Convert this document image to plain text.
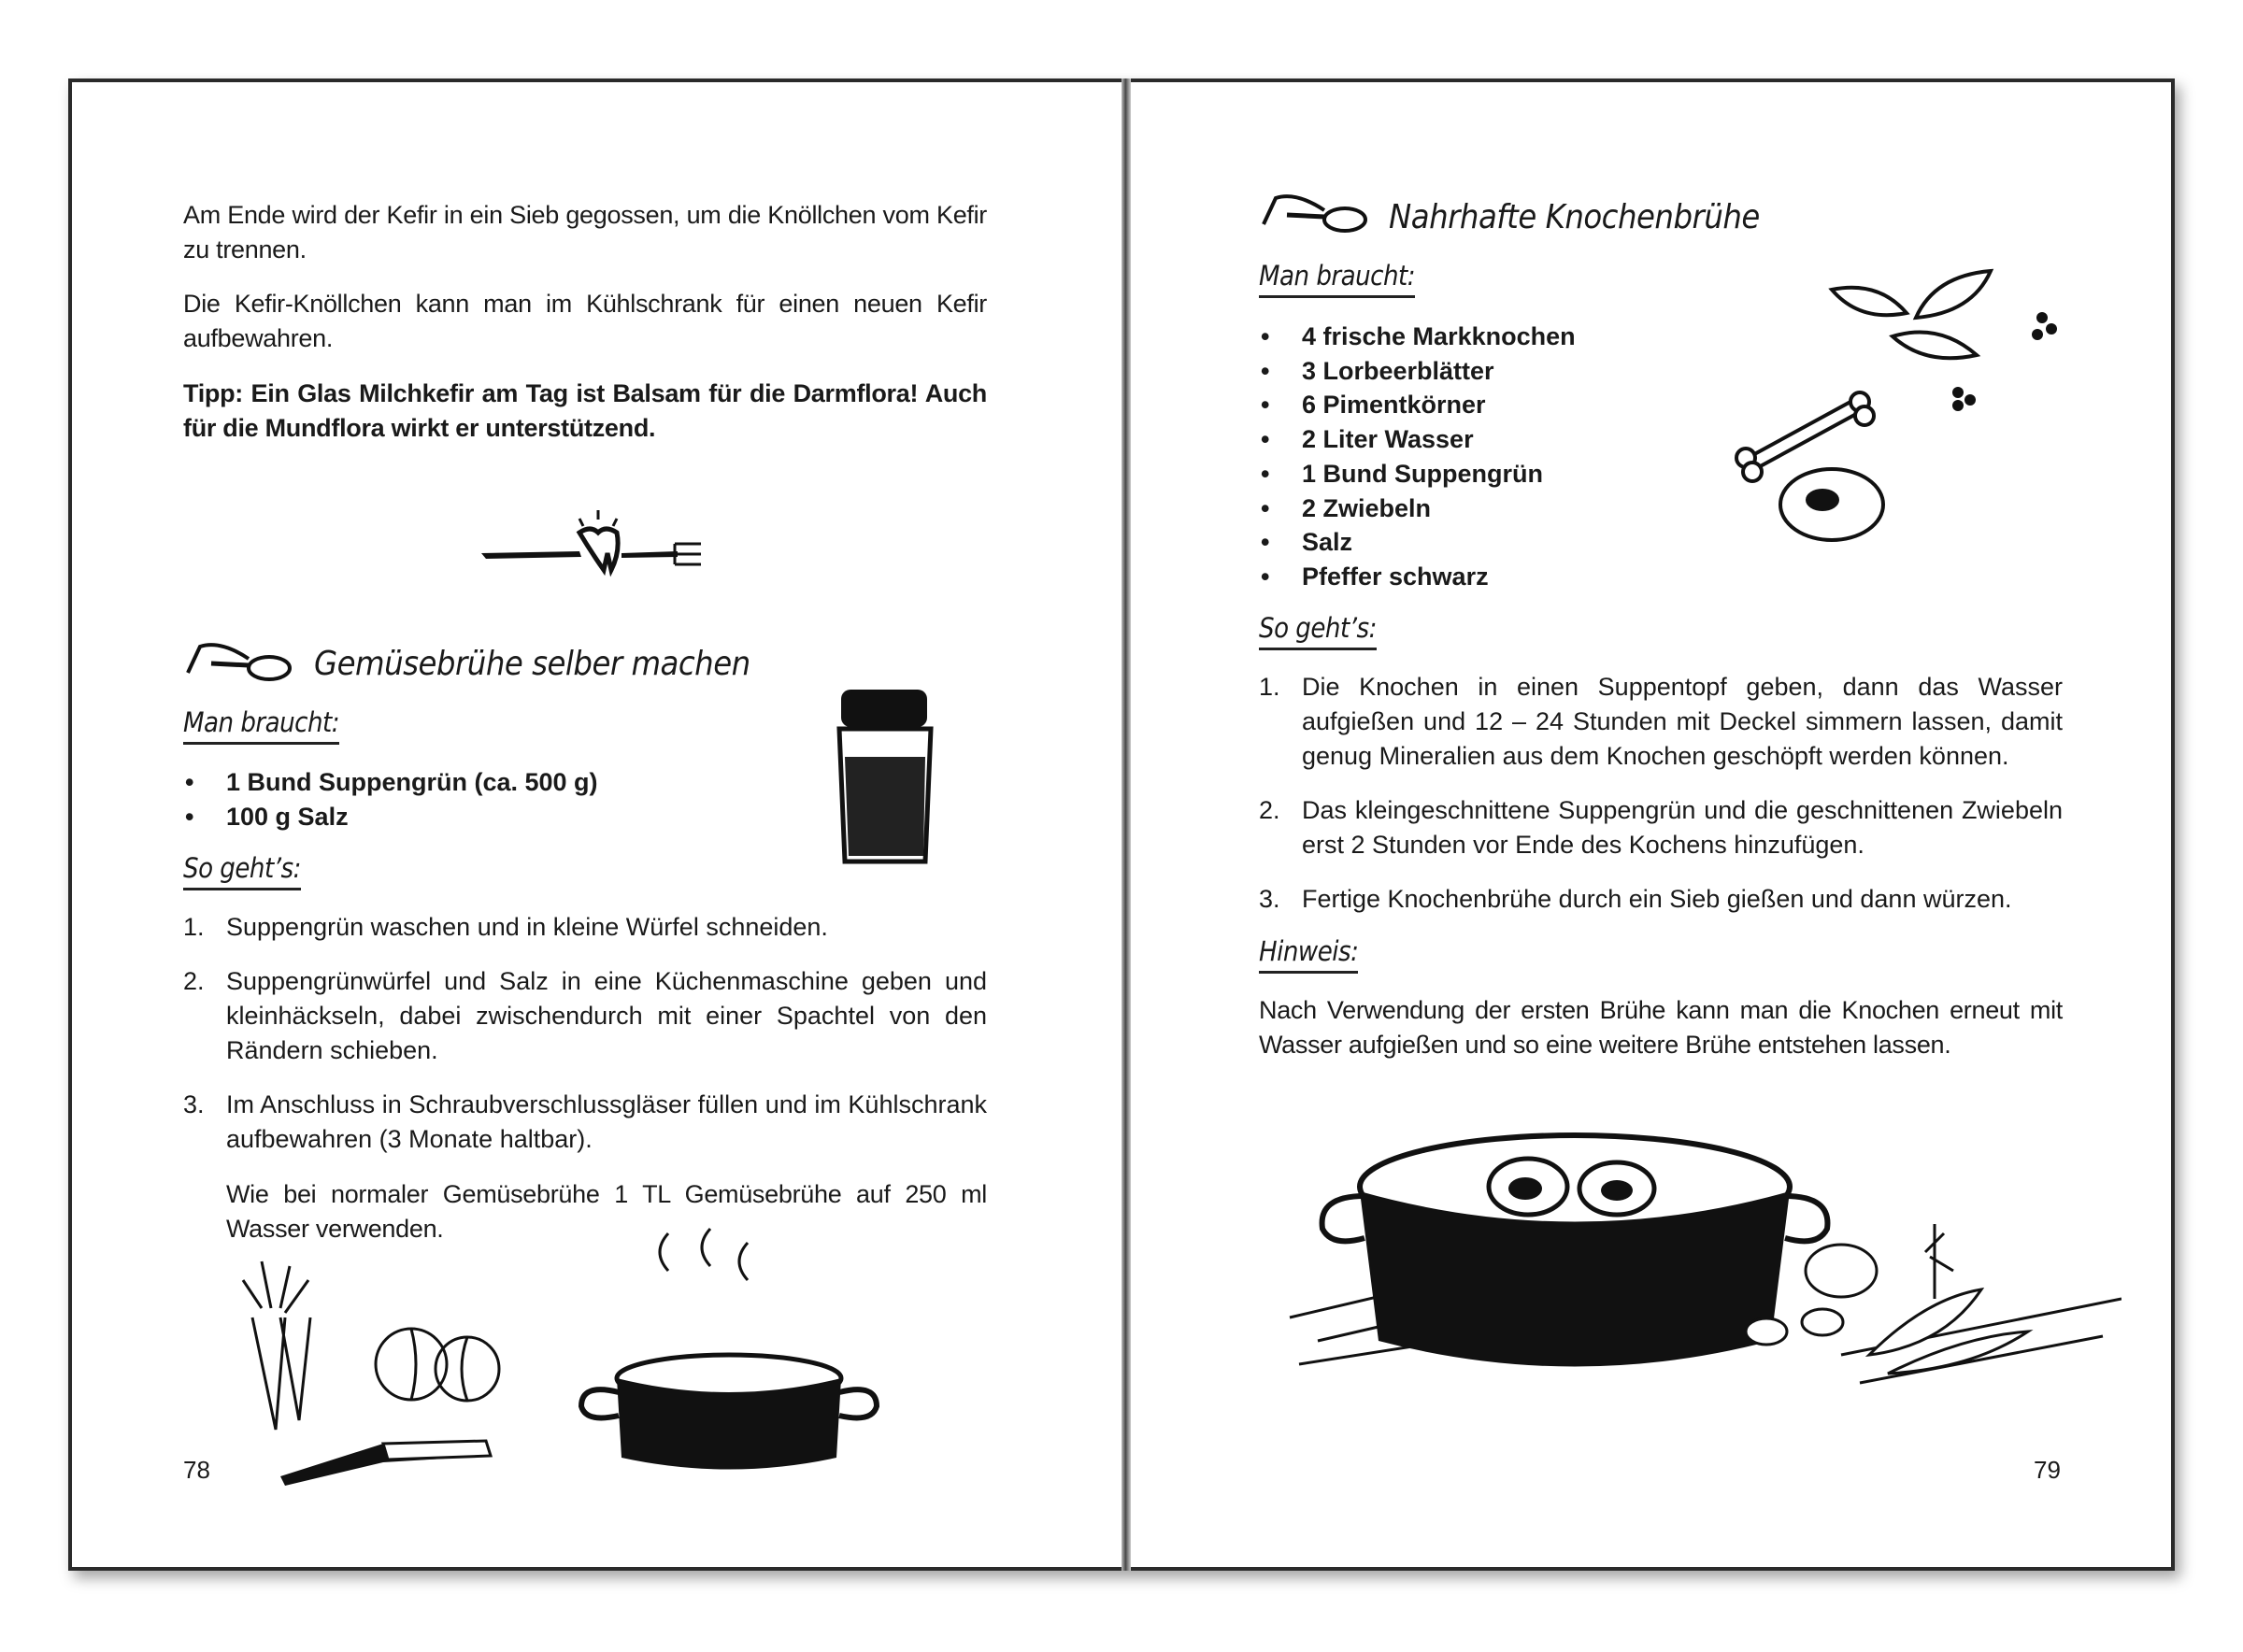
Am Ende wird der Kefir in ein Sieb gegossen, um die Knöllchen vom Kefir zu trennen.
Die Kefir-Knöllchen kann man im Kühlschrank für einen neuen Kefir aufbewahren.
Tipp: Ein Glas Milchkefir am Tag ist Balsam für die Darmflora! Auch für die Mundflora wirkt er unterstützend.
Gemüsebrühe selber machen
Man braucht:
• 1 Bund Suppengrün (ca. 500 g)
• 100 g Salz
So geht’s:
1. Suppengrün waschen und in kleine Würfel schneiden.
2. Suppengrünwürfel und Salz in eine Küchenmaschine geben und kleinhäckseln, dabei zwischendurch mit einer Spachtel von den Rändern schieben.
3. Im Anschluss in Schraubverschlussgläser füllen und im Kühlschrank aufbewahren (3 Monate haltbar).
Wie bei normaler Gemüsebrühe 1 TL Gemüsebrühe auf 250 ml Wasser verwenden.
78
Nahrhafte Knochenbrühe
Man braucht:
• 4 frische Markknochen
• 3 Lorbeerblätter
• 6 Pimentkörner
• 2 Liter Wasser
• 1 Bund Suppengrün
• 2 Zwiebeln
• Salz
• Pfeffer schwarz
So geht’s:
1. Die Knochen in einen Suppentopf geben, dann das Wasser aufgießen und 12 – 24 Stunden mit Deckel simmern lassen, damit genug Mineralien aus dem Knochen geschöpft werden können.
2. Das kleingeschnittene Suppengrün und die geschnittenen Zwiebeln erst 2 Stunden vor Ende des Kochens hinzufügen.
3. Fertige Knochenbrühe durch ein Sieb gießen und dann würzen.
Hinweis:
Nach Verwendung der ersten Brühe kann man die Knochen erneut mit Wasser aufgießen und so eine weitere Brühe entstehen lassen.
79
